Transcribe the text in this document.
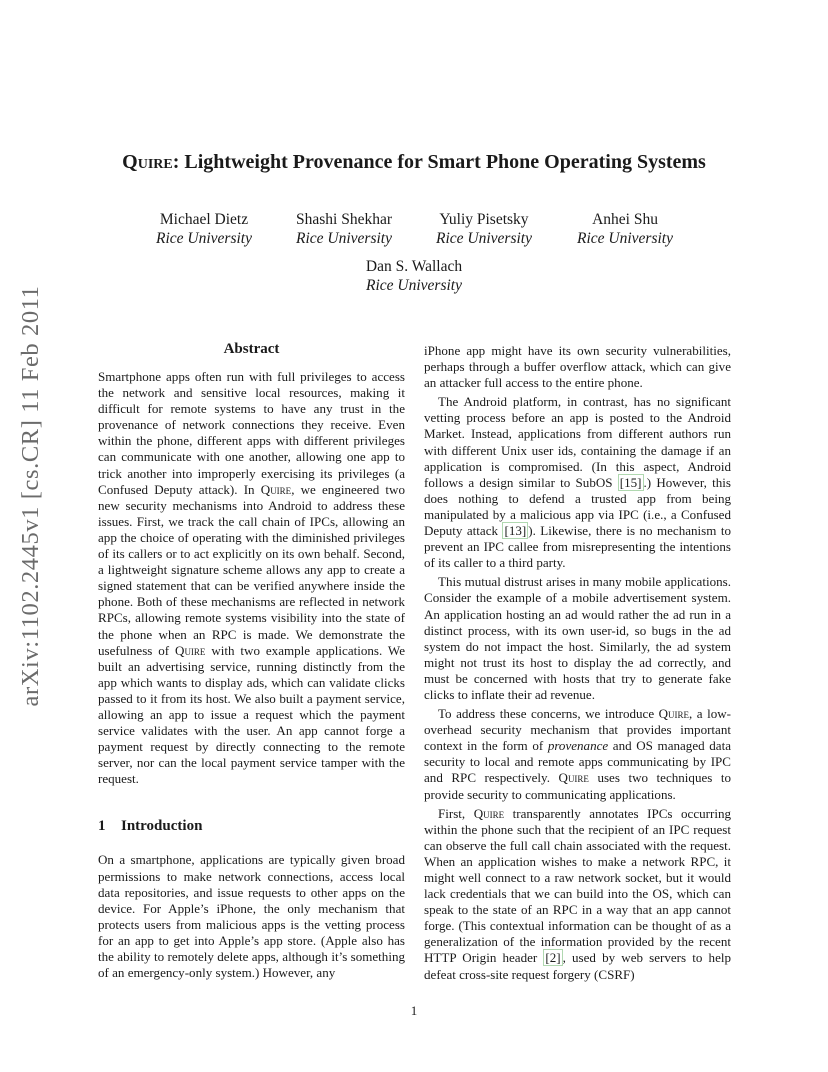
arXiv:1102.2445v1 [cs.CR] 11 Feb 2011
Quire: Lightweight Provenance for Smart Phone Operating Systems
Michael Dietz
Rice University
Shashi Shekhar
Rice University
Yuliy Pisetsky
Rice University
Anhei Shu
Rice University
Dan S. Wallach
Rice University
Abstract

Smartphone apps often run with full privileges to access the network and sensitive local resources, making it difficult for remote systems to have any trust in the provenance of network connections they receive. Even within the phone, different apps with different privileges can communicate with one another, allowing one app to trick another into improperly exercising its privileges (a Confused Deputy attack). In Quire, we engineered two new security mechanisms into Android to address these issues. First, we track the call chain of IPCs, allowing an app the choice of operating with the diminished privileges of its callers or to act explicitly on its own behalf. Second, a lightweight signature scheme allows any app to create a signed statement that can be verified anywhere inside the phone. Both of these mechanisms are reflected in network RPCs, allowing remote systems visibility into the state of the phone when an RPC is made. We demonstrate the usefulness of Quire with two example applications. We built an advertising service, running distinctly from the app which wants to display ads, which can validate clicks passed to it from its host. We also built a payment service, allowing an app to issue a request which the payment service validates with the user. An app cannot forge a payment request by directly connecting to the remote server, nor can the local payment service tamper with the request.

1 Introduction

On a smartphone, applications are typically given broad permissions to make network connections, access local data repositories, and issue requests to other apps on the device. For Apple’s iPhone, the only mechanism that protects users from malicious apps is the vetting process for an app to get into Apple’s app store. (Apple also has the ability to remotely delete apps, although it’s something of an emergency-only system.) However, any

iPhone app might have its own security vulnerabilities, perhaps through a buffer overflow attack, which can give an attacker full access to the entire phone.

The Android platform, in contrast, has no significant vetting process before an app is posted to the Android Market. Instead, applications from different authors run with different Unix user ids, containing the damage if an application is compromised. (In this aspect, Android follows a design similar to SubOS [15] .) However, this does nothing to defend a trusted app from being manipulated by a malicious app via IPC (i.e., a Confused Deputy attack [13] ). Likewise, there is no mechanism to prevent an IPC callee from misrepresenting the intentions of its caller to a third party.

This mutual distrust arises in many mobile applications. Consider the example of a mobile advertisement system. An application hosting an ad would rather the ad run in a distinct process, with its own user-id, so bugs in the ad system do not impact the host. Similarly, the ad system might not trust its host to display the ad correctly, and must be concerned with hosts that try to generate fake clicks to inflate their ad revenue.

To address these concerns, we introduce Quire, a low-overhead security mechanism that provides important context in the form of provenance and OS managed data security to local and remote apps communicating by IPC and RPC respectively. Quire uses two techniques to provide security to communicating applications.

First, Quire transparently annotates IPCs occurring within the phone such that the recipient of an IPC request can observe the full call chain associated with the request. When an application wishes to make a network RPC, it might well connect to a raw network socket, but it would lack credentials that we can build into the OS, which can speak to the state of an RPC in a way that an app cannot forge. (This contextual information can be thought of as a generalization of the information provided by the recent HTTP Origin header [2] , used by web servers to help defeat cross-site request forgery (CSRF)

1
